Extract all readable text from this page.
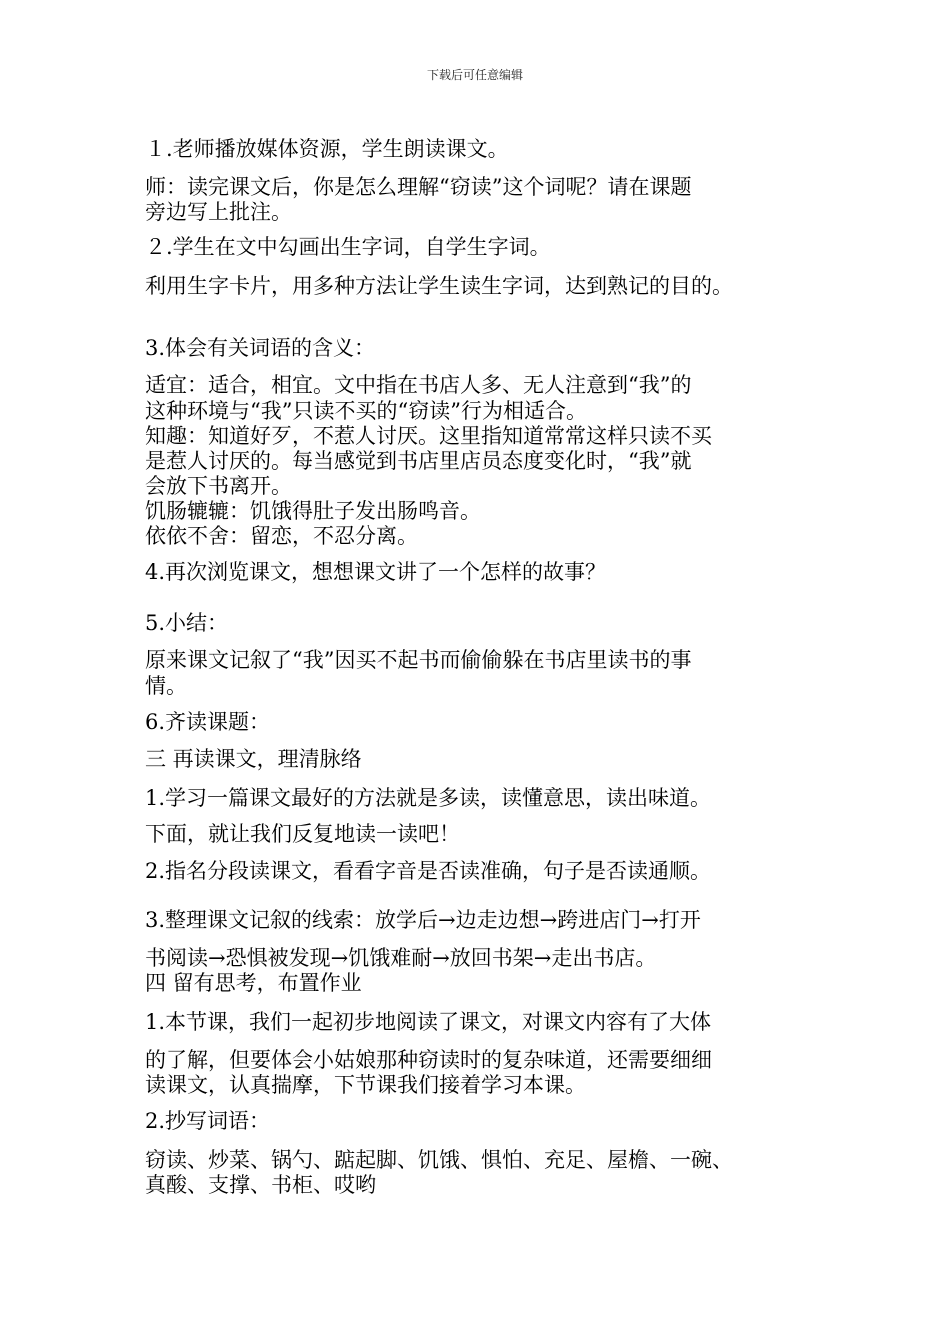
下载后可任意编辑
１.老师播放媒体资源，学生朗读课文。
师：读完课文后，你是怎么理解“窃读”这个词呢？请在课题
旁边写上批注。
２.学生在文中勾画出生字词，自学生字词。
利用生字卡片，用多种方法让学生读生字词，达到熟记的目的。
3.体会有关词语的含义：
适宜：适合，相宜。文中指在书店人多、无人注意到“我”的
这种环境与“我”只读不买的“窃读”行为相适合。
知趣：知道好歹，不惹人讨厌。这里指知道常常这样只读不买
是惹人讨厌的。每当感觉到书店里店员态度变化时，“我”就
会放下书离开。
饥肠辘辘：饥饿得肚子发出肠鸣音。
依依不舍：留恋，不忍分离。
4.再次浏览课文，想想课文讲了一个怎样的故事？
5.小结：
原来课文记叙了“我”因买不起书而偷偷躲在书店里读书的事
情。
6.齐读课题：
三 再读课文，理清脉络
1.学习一篇课文最好的方法就是多读，读懂意思，读出味道。
下面，就让我们反复地读一读吧！
2.指名分段读课文，看看字音是否读准确，句子是否读通顺。
3.整理课文记叙的线索：放学后→边走边想→跨进店门→打开
书阅读→恐惧被发现→饥饿难耐→放回书架→走出书店。
四 留有思考，布置作业
1.本节课，我们一起初步地阅读了课文，对课文内容有了大体
的了解，但要体会小姑娘那种窃读时的复杂味道，还需要细细
读课文，认真揣摩，下节课我们接着学习本课。
2.抄写词语：
窃读、炒菜、锅勺、踮起脚、饥饿、惧怕、充足、屋檐、一碗、
真酸、支撑、书柜、哎哟
